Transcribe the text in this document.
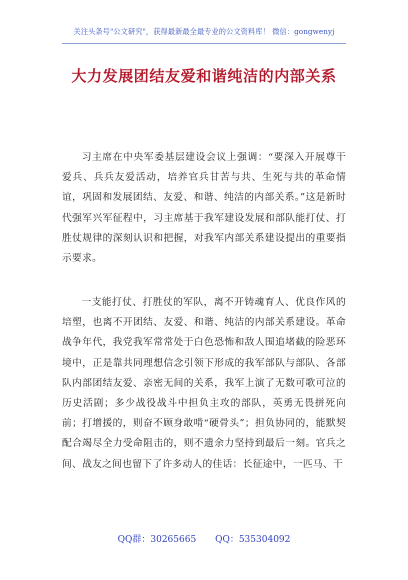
关注头条号"公文研究"，获得最新最全最专业的公文资料库！ 微信：gongwenyj
大力发展团结友爱和谐纯洁的内部关系
习主席在中央军委基层建设会议上强调：“要深入开展尊干爱兵、兵兵友爱活动，培养官兵甘苦与共、生死与共的革命情谊，巩固和发展团结、友爱、和谐、纯洁的内部关系。”这是新时代强军兴军征程中，习主席基于我军建设发展和部队能打仗、打胜仗规律的深刻认识和把握，对我军内部关系建设提出的重要指示要求。
一支能打仗、打胜仗的军队，离不开铸魂育人、优良作风的培塑，也离不开团结、友爱、和谐、纯洁的内部关系建设。革命战争年代，我党我军常常处于白色恐怖和敌人围追堵截的险恶环境中，正是靠共同理想信念引领下形成的我军部队与部队、各部队内部团结友爱、亲密无间的关系，我军上演了无数可歌可泣的历史活剧；多少战役战斗中担负主攻的部队，英勇无畏拼死向前；打增援的，则奋不顾身敢啃“硬骨头”；担负协同的，能默契配合竭尽全力受命阻击的，则不遗余力坚持到最后一刻。官兵之间、战友之间也留下了许多动人的佳话：长征途中，一匹马、干
QQ群：30265665 QQ：535304092
